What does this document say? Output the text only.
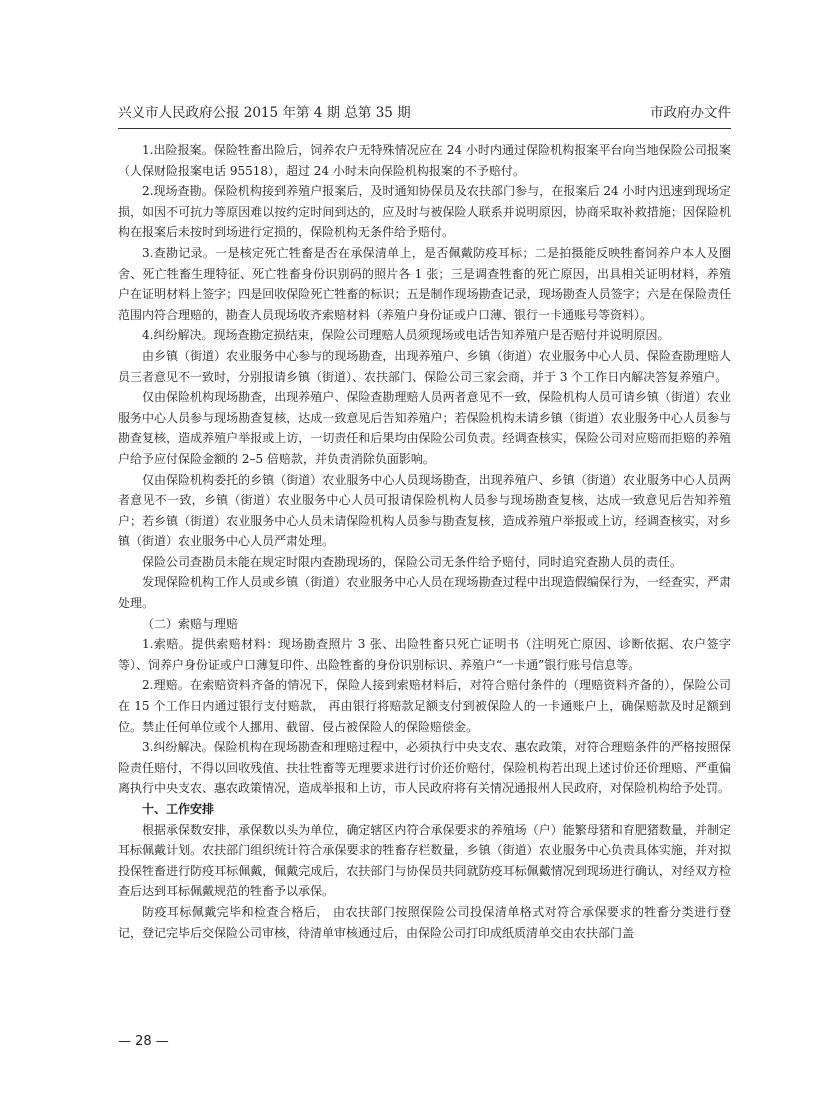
兴义市人民政府公报 2015 年第 4 期 总第 35 期	市政府办文件

1.出险报案。保险牲畜出险后，饲养农户无特殊情况应在 24 小时内通过保险机构报案平台向当地保险公司报案（人保财险报案电话 95518），超过 24 小时未向保险机构报案的不予赔付。

2.现场查勘。保险机构接到养殖户报案后，及时通知协保员及农扶部门参与，在报案后 24 小时内迅速到现场定损，如因不可抗力等原因难以按约定时间到达的，应及时与被保险人联系并说明原因，协商采取补救措施；因保险机构在报案后未按时到场进行定损的，保险机构无条件给予赔付。

3.查勘记录。一是核定死亡牲畜是否在承保清单上，是否佩戴防疫耳标；二是拍摄能反映牲畜饲养户本人及圈舍、死亡牲畜生理特征、死亡牲畜身份识别码的照片各 1 张；三是调查牲畜的死亡原因，出具相关证明材料，养殖户在证明材料上签字；四是回收保险死亡牲畜的标识；五是制作现场勘查记录，现场勘查人员签字；六是在保险责任范围内符合理赔的，勘查人员现场收齐索赔材料（养殖户身份证或户口薄、银行一卡通账号等资料）。

4.纠纷解决。现场查勘定损结束，保险公司理赔人员须现场或电话告知养殖户是否赔付并说明原因。

由乡镇（街道）农业服务中心参与的现场勘查，出现养殖户、乡镇（街道）农业服务中心人员、保险查勘理赔人员三者意见不一致时，分别报请乡镇（街道）、农扶部门、保险公司三家会商，并于 3 个工作日内解决答复养殖户。

仅由保险机构现场勘查，出现养殖户、保险查勘理赔人员两者意见不一致，保险机构人员可请乡镇（街道）农业服务中心人员参与现场勘查复核，达成一致意见后告知养殖户；若保险机构未请乡镇（街道）农业服务中心人员参与勘查复核，造成养殖户举报或上访，一切责任和后果均由保险公司负责。经调查核实，保险公司对应赔而拒赔的养殖户给予应付保险金额的 2–5 倍赔款，并负责消除负面影响。

仅由保险机构委托的乡镇（街道）农业服务中心人员现场勘查，出现养殖户、乡镇（街道）农业服务中心人员两者意见不一致，乡镇（街道）农业服务中心人员可报请保险机构人员参与现场勘查复核，达成一致意见后告知养殖户；若乡镇（街道）农业服务中心人员未请保险机构人员参与勘查复核，造成养殖户举报或上访，经调查核实，对乡镇（街道）农业服务中心人员严肃处理。

保险公司查勘员未能在规定时限内查勘现场的，保险公司无条件给予赔付，同时追究查勘人员的责任。

发现保险机构工作人员或乡镇（街道）农业服务中心人员在现场勘查过程中出现造假编保行为，一经查实，严肃处理。

（二）索赔与理赔

1.索赔。提供索赔材料：现场勘查照片 3 张、出险牲畜只死亡证明书（注明死亡原因、诊断依据、农户签字等）、饲养户身份证或户口薄复印件、出险牲畜的身份识别标识、养殖户“一卡通”银行账号信息等。

2.理赔。在索赔资料齐备的情况下，保险人接到索赔材料后，对符合赔付条件的（理赔资料齐备的），保险公司在 15 个工作日内通过银行支付赔款， 再由银行将赔款足额支付到被保险人的一卡通账户上，确保赔款及时足额到位。禁止任何单位或个人挪用、截留、侵占被保险人的保险赔偿金。

3.纠纷解决。保险机构在现场勘查和理赔过程中，必须执行中央支农、惠农政策，对符合理赔条件的严格按照保险责任赔付，不得以回收残值、扶壮牲畜等无理要求进行讨价还价赔付，保险机构若出现上述讨价还价理赔、严重偏离执行中央支农、惠农政策情况，造成举报和上访，市人民政府将有关情况通报州人民政府，对保险机构给予处罚。

十、工作安排

根据承保数安排，承保数以头为单位，确定辖区内符合承保要求的养殖场（户）能繁母猪和育肥猪数量，并制定耳标佩戴计划。农扶部门组织统计符合承保要求的牲畜存栏数量，乡镇（街道）农业服务中心负责具体实施，并对拟投保牲畜进行防疫耳标佩戴，佩戴完成后，农扶部门与协保员共同就防疫耳标佩戴情况到现场进行确认，对经双方检查后达到耳标佩戴规范的牲畜予以承保。

防疫耳标佩戴完毕和检查合格后， 由农扶部门按照保险公司投保清单格式对符合承保要求的牲畜分类进行登记，登记完毕后交保险公司审核，待清单审核通过后，由保险公司打印成纸质清单交由农扶部门盖

— 28 —
